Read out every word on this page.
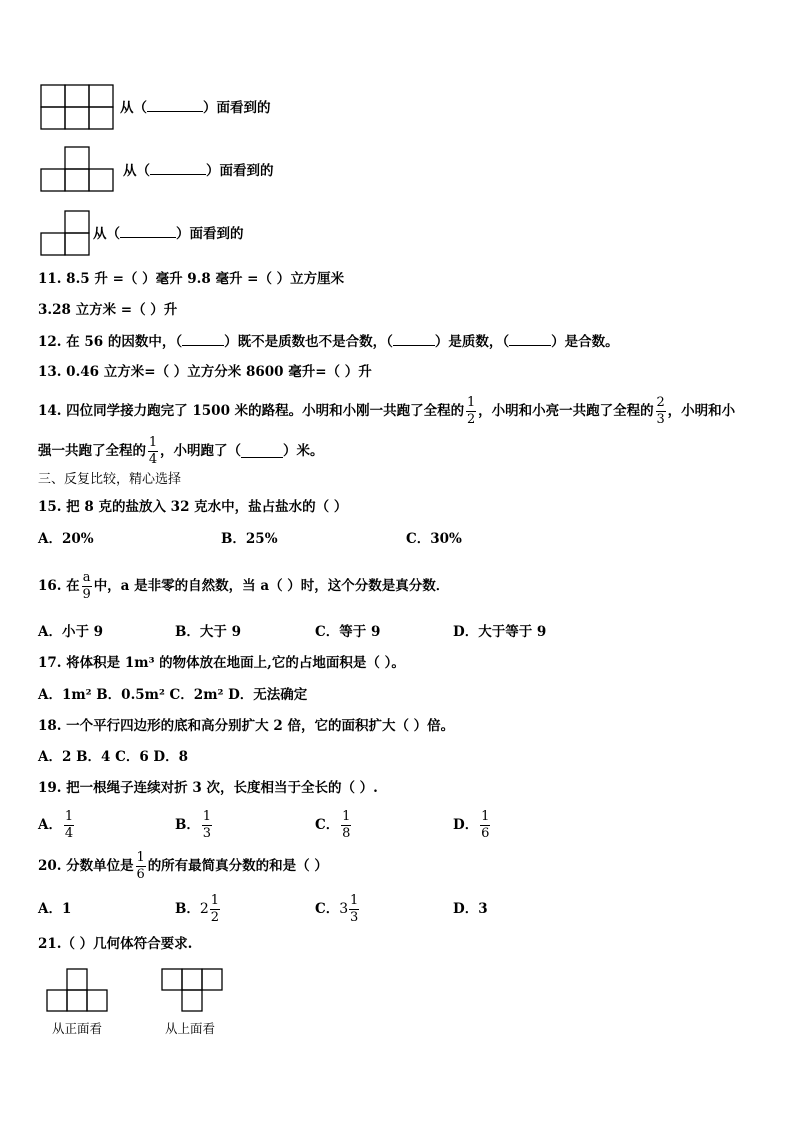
从（	）面看到的
从（	）面看到的
从（	）面看到的
11. 8.5 升 =（ ）毫升 9.8 毫升 =（ ）立方厘米
3.28 立方米 =（ ）升
12. 在 56 的因数中，（	）既不是质数也不是合数，（	）是质数，（	）是合数。
13. 0.46 立方米=（ ）立方分米 8600 毫升=（ ）升
14. 四位同学接力跑完了 1500 米的路程。小明和小刚一共跑了全程的 $\frac{1}{2}$ ，小明和小亮一共跑了全程的 $\frac{2}{3}$ ，小明和小
强一共跑了全程的 $\frac{1}{4}$ ，小明跑了（	）米。
三、反复比较，精心选择
15. 把 8 克的盐放入 32 克水中，盐占盐水的（ ）
A．20%	B．25%	C．30%
16. 在 $\frac{a}{9}$ 中，a 是非零的自然数，当 a（ ）时，这个分数是真分数．
A．小于 9	B．大于 9	C．等于 9	D．大于等于 9
17. 将体积是 1m³ 的物体放在地面上,它的占地面积是（ ）。
A．1m² B．0.5m² C．2m² D．无法确定
18. 一个平行四边形的底和高分别扩大 2 倍，它的面积扩大（ ）倍。
A．2 B．4 C．6 D．8
19. 把一根绳子连续对折 3 次，长度相当于全长的（ ）.
A． $\frac{1}{4}$	B． $\frac{1}{3}$	C． $\frac{1}{8}$	D． $\frac{1}{6}$
20. 分数单位是 $\frac{1}{6}$ 的所有最简真分数的和是（ ）
A．1	B． $2 \frac{1}{2}$	C． $3 \frac{1}{3}$	D．3
21.（ ）几何体符合要求.
从正面看	从上面看
